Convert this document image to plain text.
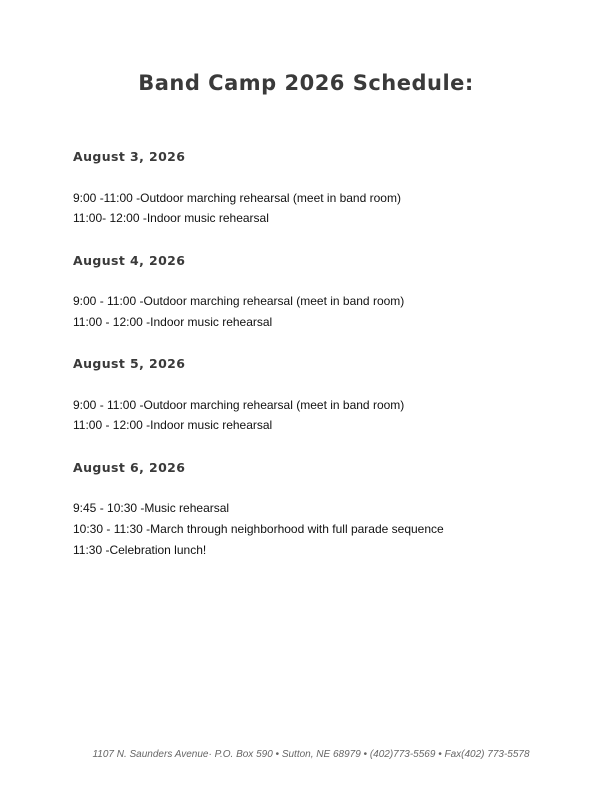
Band Camp 2026 Schedule:
August 3, 2026
9:00 -11:00 -Outdoor marching rehearsal (meet in band room)
11:00- 12:00 -Indoor music rehearsal
August 4, 2026
9:00 - 11:00 -Outdoor marching rehearsal (meet in band room)
11:00 - 12:00 -Indoor music rehearsal
August 5, 2026
9:00 - 11:00 -Outdoor marching rehearsal (meet in band room)
11:00 - 12:00 -Indoor music rehearsal
August 6, 2026
9:45 - 10:30 -Music rehearsal
10:30 - 11:30 -March through neighborhood with full parade sequence
11:30 -Celebration lunch!
1107 N. Saunders Avenue· P.O. Box 590 • Sutton, NE 68979 • (402)773-5569 • Fax(402) 773-5578
